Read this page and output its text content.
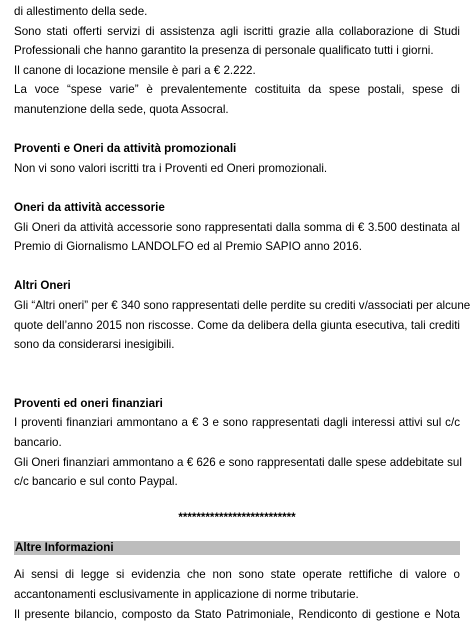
di allestimento della sede.
Sono stati offerti servizi di assistenza agli iscritti grazie alla collaborazione di Studi
Professionali che hanno garantito la presenza di personale qualificato tutti i giorni.
Il canone di locazione mensile è pari a € 2.222.
La voce “spese varie” è prevalentemente costituita da spese postali, spese di
manutenzione della sede, quota Assocral.
Proventi e Oneri da attività promozionali
Non vi sono valori iscritti tra i Proventi ed Oneri promozionali.
Oneri da attività accessorie
Gli Oneri da attività accessorie sono rappresentati dalla somma di € 3.500 destinata al
Premio di Giornalismo LANDOLFO ed al Premio SAPIO anno 2016.
Altri Oneri
Gli “Altri oneri” per € 340 sono rappresentati delle perdite su crediti v/associati per alcune
quote dell’anno 2015 non riscosse. Come da delibera della giunta esecutiva, tali crediti
sono da considerarsi inesigibili.
Proventi ed oneri finanziari
I proventi finanziari ammontano a € 3 e sono rappresentati dagli interessi attivi sul c/c
bancario.
Gli Oneri finanziari ammontano a € 626 e sono rappresentati dalle spese addebitate sul
c/c bancario e sul conto Paypal.
**************************
Altre Informazioni
Ai sensi di legge si evidenzia che non sono state operate rettifiche di valore o
accantonamenti esclusivamente in applicazione di norme tributarie.
Il presente bilancio, composto da Stato Patrimoniale, Rendiconto di gestione e Nota
